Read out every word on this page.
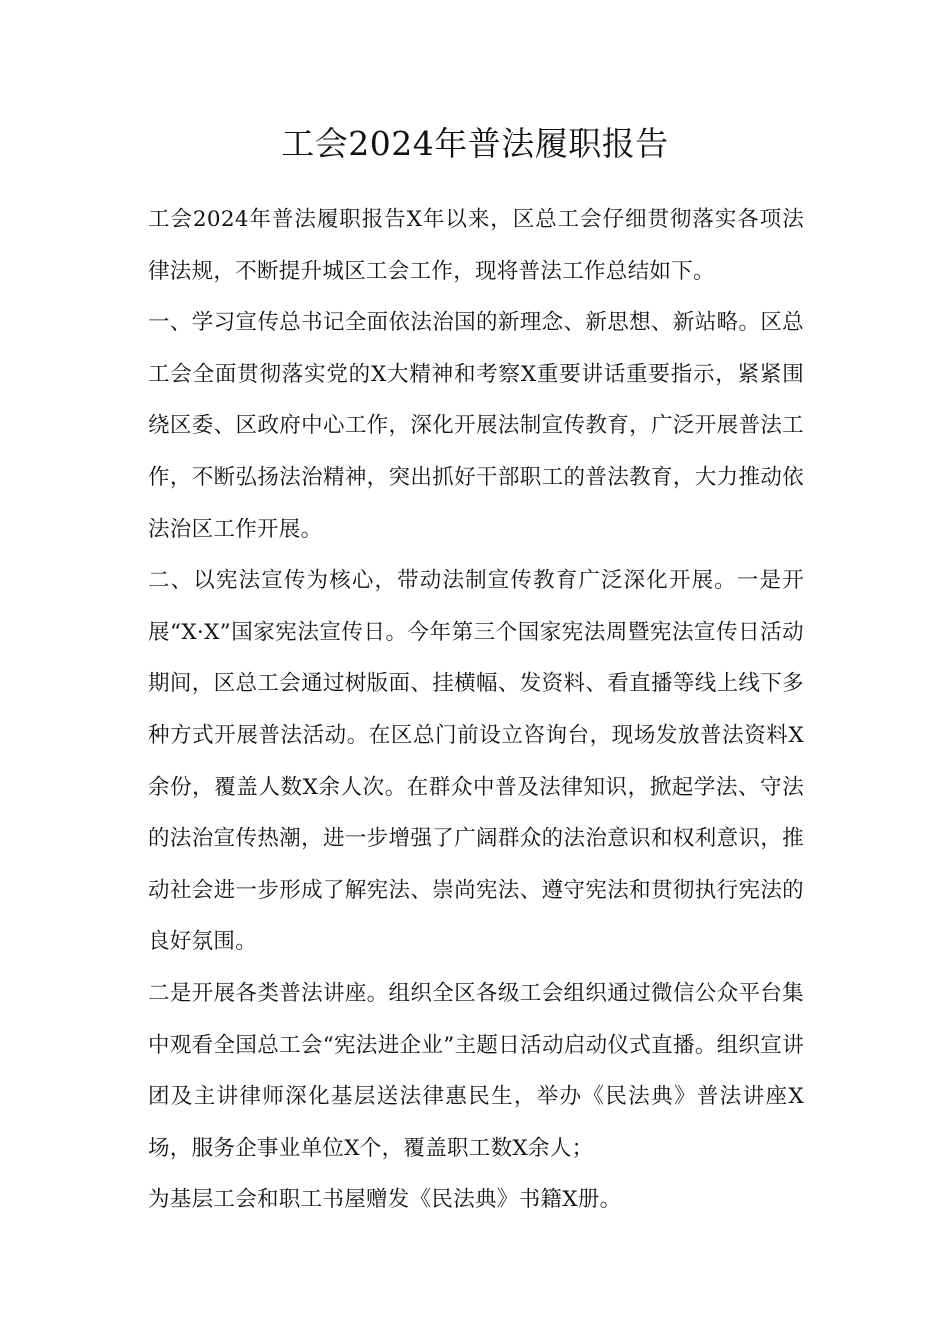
工会2024年普法履职报告

工会2024年普法履职报告X年以来，区总工会仔细贯彻落实各项法律法规，不断提升城区工会工作，现将普法工作总结如下。

一、学习宣传总书记全面依法治国的新理念、新思想、新站略。区总工会全面贯彻落实党的X大精神和考察X重要讲话重要指示，紧紧围绕区委、区政府中心工作，深化开展法制宣传教育，广泛开展普法工作，不断弘扬法治精神，突出抓好干部职工的普法教育，大力推动依法治区工作开展。

二、以宪法宣传为核心，带动法制宣传教育广泛深化开展。一是开展“X·X”国家宪法宣传日。今年第三个国家宪法周暨宪法宣传日活动期间，区总工会通过树版面、挂横幅、发资料、看直播等线上线下多种方式开展普法活动。在区总门前设立咨询台，现场发放普法资料X余份，覆盖人数X余人次。在群众中普及法律知识，掀起学法、守法的法治宣传热潮，进一步增强了广阔群众的法治意识和权利意识，推动社会进一步形成了解宪法、崇尚宪法、遵守宪法和贯彻执行宪法的良好氛围。

二是开展各类普法讲座。组织全区各级工会组织通过微信公众平台集中观看全国总工会“宪法进企业”主题日活动启动仪式直播。组织宣讲团及主讲律师深化基层送法律惠民生，举办《民法典》普法讲座X场，服务企事业单位X个，覆盖职工数X余人；

为基层工会和职工书屋赠发《民法典》书籍X册。
